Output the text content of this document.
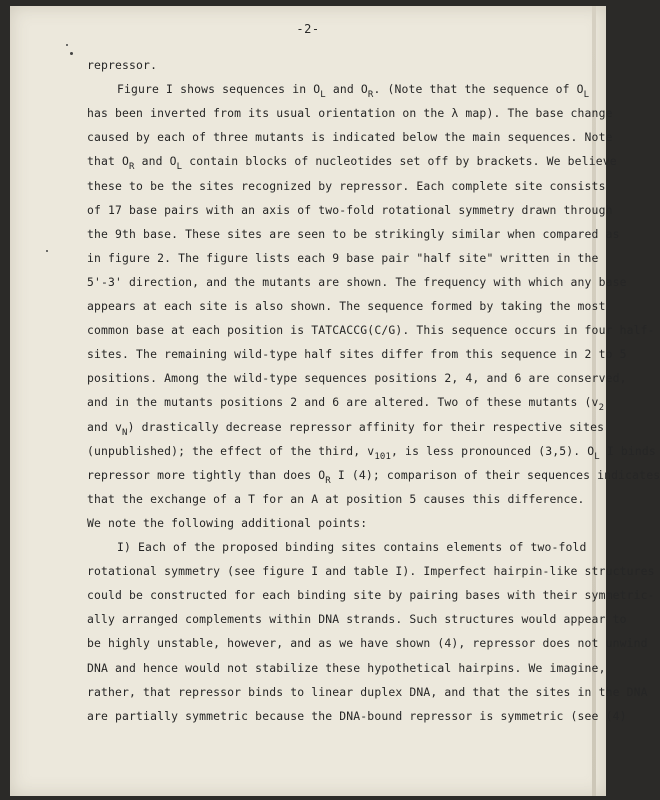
-2-
repressor.
Figure I shows sequences in $O_L$ and $O_R$. (Note that the sequence of $O_L$
has been inverted from its usual orientation on the λ map). The base change
caused by each of three mutants is indicated below the main sequences. Note
that $O_R$ and $O_L$ contain blocks of nucleotides set off by brackets. We believe
these to be the sites recognized by repressor. Each complete site consists
of 17 base pairs with an axis of two-fold rotational symmetry drawn through
the 9th base. These sites are seen to be strikingly similar when compared as
in figure 2. The figure lists each 9 base pair "half site" written in the
5'-3' direction, and the mutants are shown. The frequency with which any base
appears at each site is also shown. The sequence formed by taking the most
common base at each position is TATCACCG(C/G). This sequence occurs in four half-
sites. The remaining wild-type half sites differ from this sequence in 2 to 5
positions. Among the wild-type sequences positions 2, 4, and 6 are conserved,
and in the mutants positions 2 and 6 are altered. Two of these mutants ($v_2$
and $v_N$) drastically decrease repressor affinity for their respective sites
(unpublished); the effect of the third, $v_{101}$, is less pronounced (3,5). $O_L$ I binds
repressor more tightly than does $O_R$ I (4); comparison of their sequences indicates
that the exchange of a T for an A at position 5 causes this difference.
We note the following additional points:
I) Each of the proposed binding sites contains elements of two-fold
rotational symmetry (see figure I and table I). Imperfect hairpin-like structures
could be constructed for each binding site by pairing bases with their symmetric-
ally arranged complements within DNA strands. Such structures would appear to
be highly unstable, however, and as we have shown (4), repressor does not unwind
DNA and hence would not stabilize these hypothetical hairpins. We imagine,
rather, that repressor binds to linear duplex DNA, and that the sites in the DNA
are partially symmetric because the DNA-bound repressor is symmetric (see (4)
